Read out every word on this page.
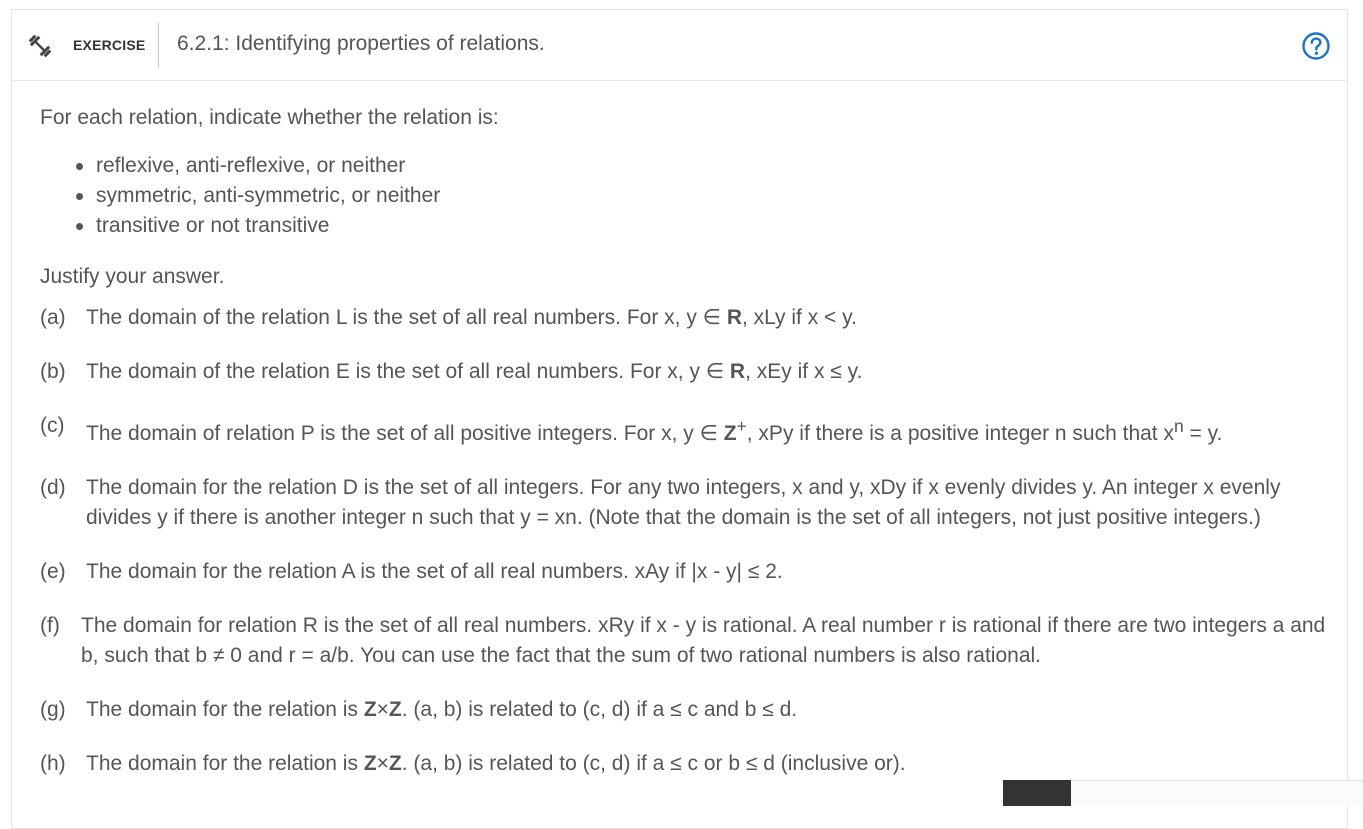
EXERCISE 6.2.1: Identifying properties of relations.

For each relation, indicate whether the relation is:

reflexive, anti-reflexive, or neither
symmetric, anti-symmetric, or neither
transitive or not transitive

Justify your answer.

(a) The domain of the relation L is the set of all real numbers. For x, y ∈ R, xLy if x < y.
(b) The domain of the relation E is the set of all real numbers. For x, y ∈ R, xEy if x ≤ y.
(c)	The domain of relation P is the set of all positive integers. For x, y ∈ Z+, xPy if there is a positive integer n such that $x^n = y$.
(d) The domain for the relation D is the set of all integers. For any two integers, x and y, xDy if x evenly divides y. An integer x evenly divides y if there is another integer n such that y = xn. (Note that the domain is the set of all integers, not just positive integers.)
(e) The domain for the relation A is the set of all real numbers. xAy if |x - y| ≤ 2.
(f)	The domain for relation R is the set of all real numbers. xRy if x - y is rational. A real number r is rational if there are two integers a and b, such that b ≠ 0 and r = a/b. You can use the fact that the sum of two rational numbers is also rational.
(g) The domain for the relation is Z×Z. (a, b) is related to (c, d) if a ≤ c and b ≤ d.
(h) The domain for the relation is Z×Z. (a, b) is related to (c, d) if a ≤ c or b ≤ d (inclusive or).
